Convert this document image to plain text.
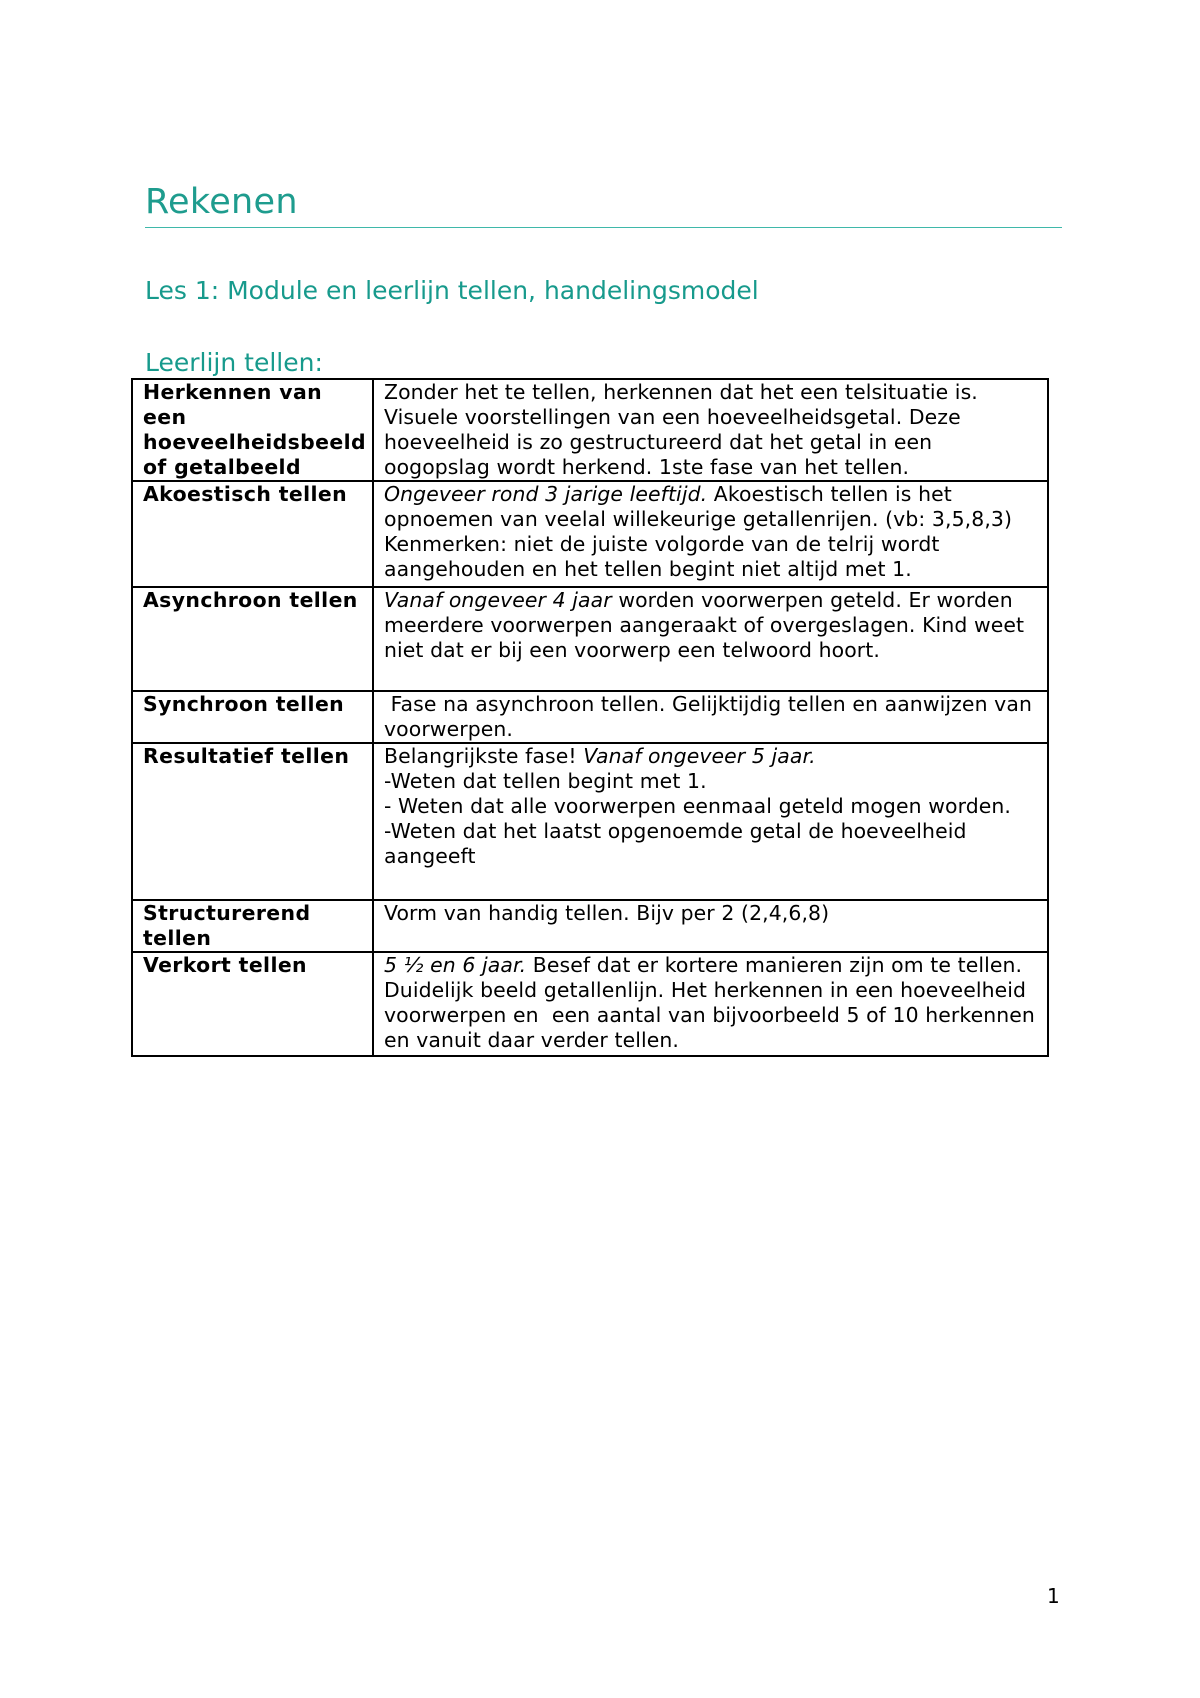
Rekenen
Les 1: Module en leerlijn tellen, handelingsmodel
Leerlijn tellen:
Herkennen van een hoeveelheidsbeeld of getalbeeld	Zonder het te tellen, herkennen dat het een telsituatie is. Visuele voorstellingen van een hoeveelheidsgetal. Deze hoeveelheid is zo gestructureerd dat het getal in een oogopslag wordt herkend. 1ste fase van het tellen.
Akoestisch tellen	Ongeveer rond 3 jarige leeftijd. Akoestisch tellen is het opnoemen van veelal willekeurige getallenrijen. (vb: 3,5,8,3) Kenmerken: niet de juiste volgorde van de telrij wordt aangehouden en het tellen begint niet altijd met 1.
Asynchroon tellen	Vanaf ongeveer 4 jaar worden voorwerpen geteld. Er worden meerdere voorwerpen aangeraakt of overgeslagen. Kind weet niet dat er bij een voorwerp een telwoord hoort.
Synchroon tellen	Fase na asynchroon tellen. Gelijktijdig tellen en aanwijzen van voorwerpen.
Resultatief tellen	Belangrijkste fase! Vanaf ongeveer 5 jaar.
-Weten dat tellen begint met 1.
- Weten dat alle voorwerpen eenmaal geteld mogen worden.
-Weten dat het laatst opgenoemde getal de hoeveelheid aangeeft

Structurerend tellen	Vorm van handig tellen. Bijv per 2 (2,4,6,8)
Verkort tellen	5 ½ en 6 jaar. Besef dat er kortere manieren zijn om te tellen. Duidelijk beeld getallenlijn. Het herkennen in een hoeveelheid voorwerpen en  een aantal van bijvoorbeeld 5 of 10 herkennen en vanuit daar verder tellen.
1
